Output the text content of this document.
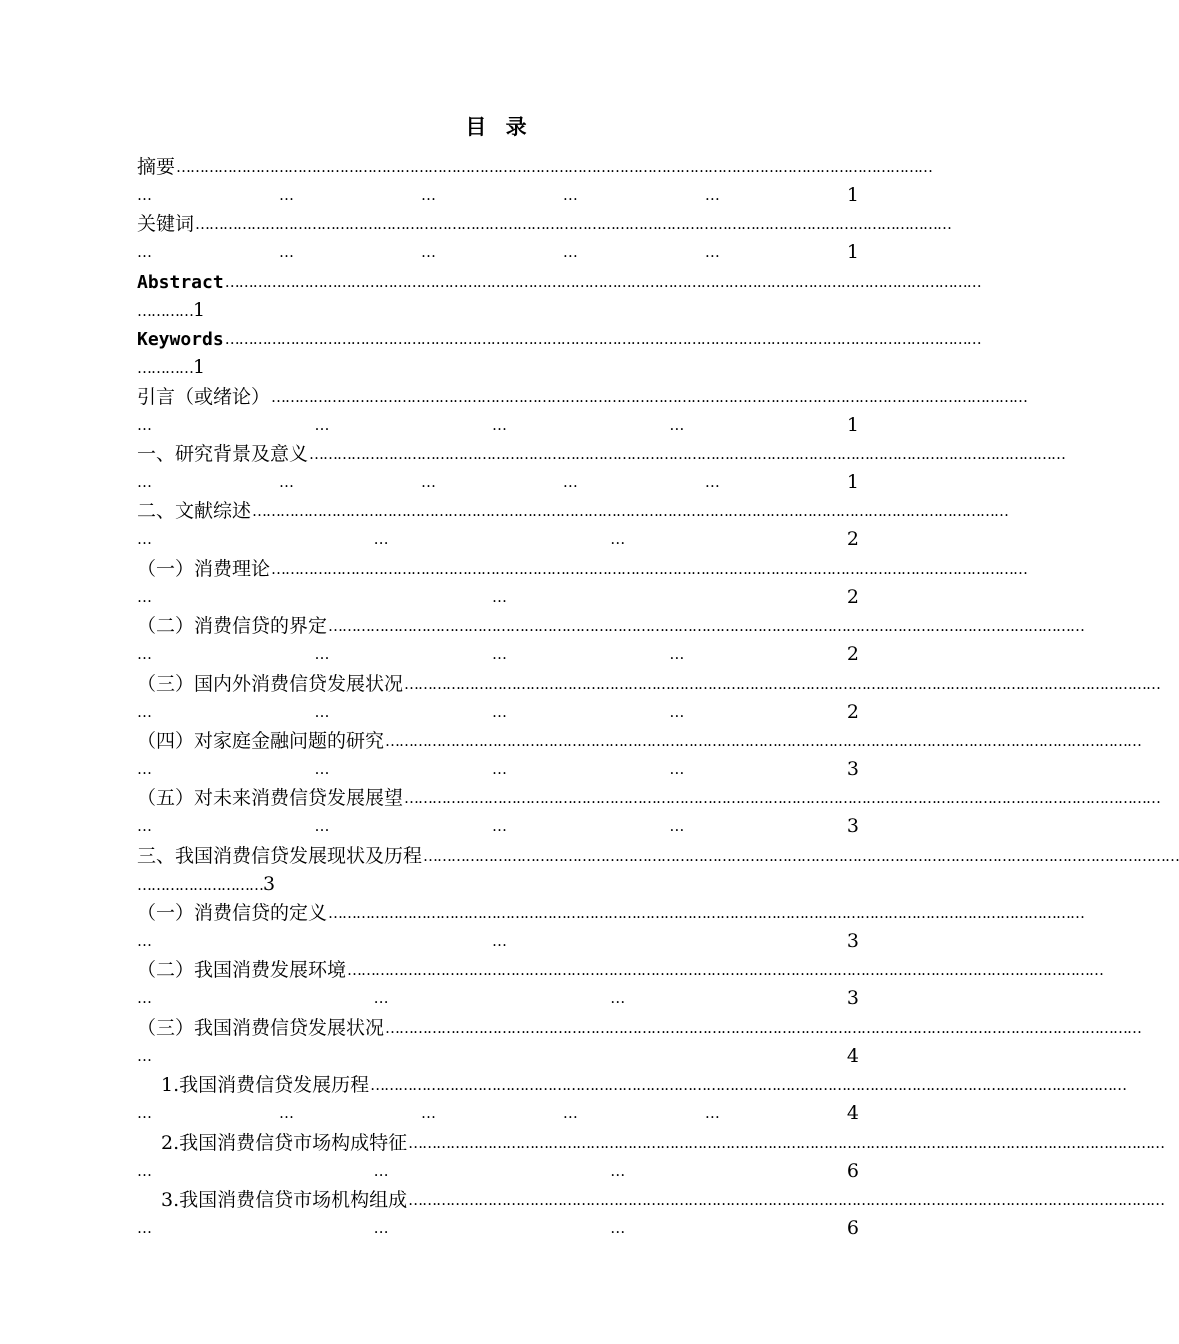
目 录
摘要………………………………………………………………………………………………………………………………………………
…	…	…	…	…	1
关键词………………………………………………………………………………………………………………………………………………
…	…	…	…	…	1
Abstract………………………………………………………………………………………………………………………………………………
…………1
Keywords………………………………………………………………………………………………………………………………………………
…………1
引言（或绪论）………………………………………………………………………………………………………………………………………………
…	…	…	…	1
一、研究背景及意义………………………………………………………………………………………………………………………………………………
…	…	…	…	…	1
二、文献综述………………………………………………………………………………………………………………………………………………
…	…	…	2
（一）消费理论………………………………………………………………………………………………………………………………………………
…	…	2
（二）消费信贷的界定………………………………………………………………………………………………………………………………………………
…	…	…	…	2
（三）国内外消费信贷发展状况………………………………………………………………………………………………………………………………………………
…	…	…	…	2
（四）对家庭金融问题的研究………………………………………………………………………………………………………………………………………………
…	…	…	…	3
（五）对未来消费信贷发展展望………………………………………………………………………………………………………………………………………………
…	…	…	…	3
三、我国消费信贷发展现状及历程………………………………………………………………………………………………………………………………………………
………………………3
（一）消费信贷的定义………………………………………………………………………………………………………………………………………………
…	…	3
（二）我国消费发展环境………………………………………………………………………………………………………………………………………………
…	…	…	3
（三）我国消费信贷发展状况………………………………………………………………………………………………………………………………………………
…	4
1.我国消费信贷发展历程………………………………………………………………………………………………………………………………………………
…	…	…	…	…	4
2.我国消费信贷市场构成特征………………………………………………………………………………………………………………………………………………
…	…	…	6
3.我国消费信贷市场机构组成………………………………………………………………………………………………………………………………………………
…	…	…	6
